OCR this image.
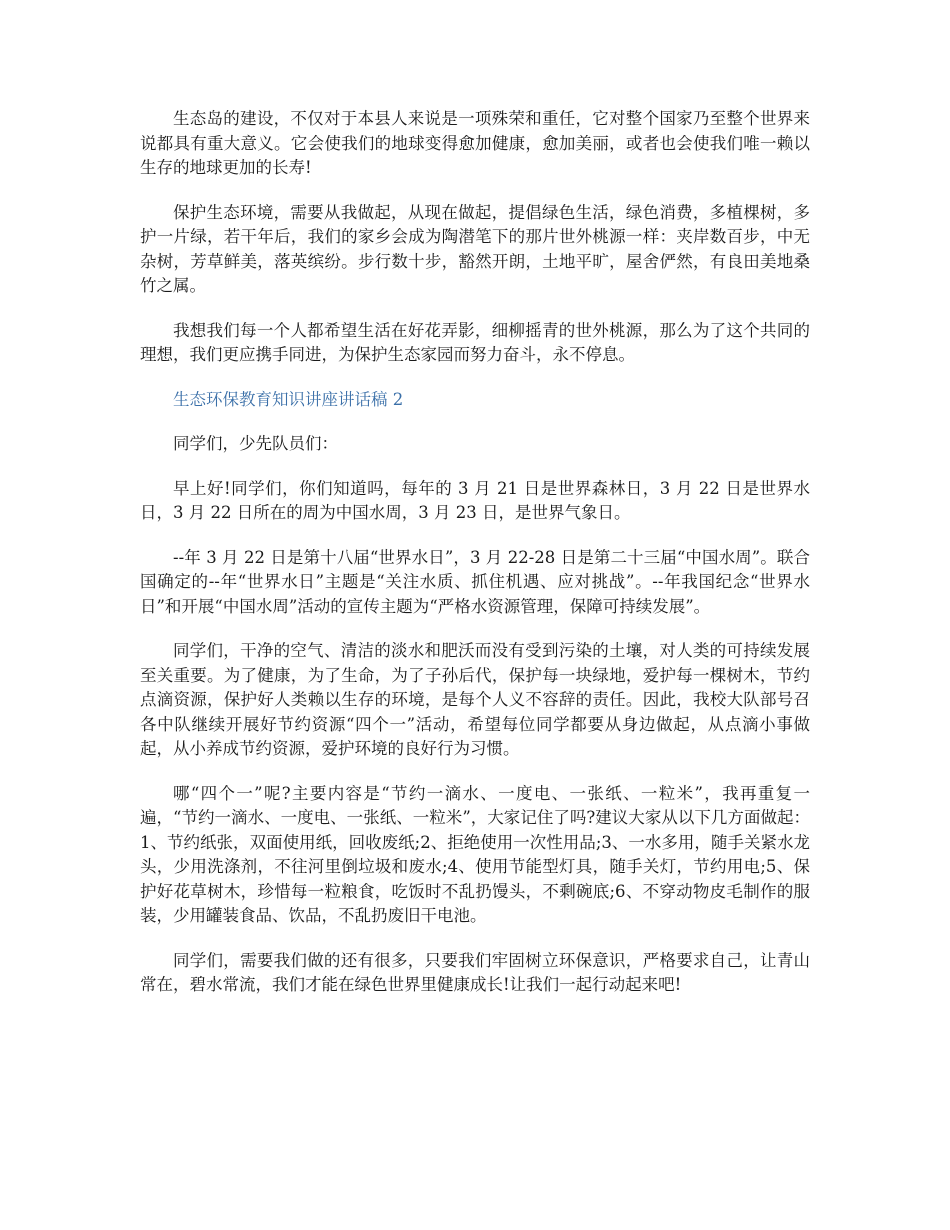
生态岛的建设，不仅对于本县人来说是一项殊荣和重任，它对整个国家乃至整个世界来说都具有重大意义。它会使我们的地球变得愈加健康，愈加美丽，或者也会使我们唯一赖以生存的地球更加的长寿!

保护生态环境，需要从我做起，从现在做起，提倡绿色生活，绿色消费，多植棵树，多护一片绿，若干年后，我们的家乡会成为陶潜笔下的那片世外桃源一样：夹岸数百步，中无杂树，芳草鲜美，落英缤纷。步行数十步，豁然开朗，土地平旷，屋舍俨然，有良田美地桑竹之属。

我想我们每一个人都希望生活在好花弄影，细柳摇青的世外桃源，那么为了这个共同的理想，我们更应携手同进，为保护生态家园而努力奋斗，永不停息。

生态环保教育知识讲座讲话稿 2

同学们，少先队员们：

早上好!同学们，你们知道吗，每年的 3 月 21 日是世界森林日，3 月 22 日是世界水日，3 月 22 日所在的周为中国水周，3 月 23 日，是世界气象日。

--年 3 月 22 日是第十八届“世界水日”，3 月 22-28 日是第二十三届“中国水周”。联合国确定的--年“世界水日”主题是“关注水质、抓住机遇、应对挑战”。--年我国纪念“世界水日”和开展“中国水周”活动的宣传主题为“严格水资源管理，保障可持续发展”。

同学们，干净的空气、清洁的淡水和肥沃而没有受到污染的土壤，对人类的可持续发展至关重要。为了健康，为了生命，为了子孙后代，保护每一块绿地，爱护每一棵树木，节约点滴资源，保护好人类赖以生存的环境，是每个人义不容辞的责任。因此，我校大队部号召各中队继续开展好节约资源“四个一”活动，希望每位同学都要从身边做起，从点滴小事做起，从小养成节约资源，爱护环境的良好行为习惯。

哪“四个一”呢?主要内容是“节约一滴水、一度电、一张纸、一粒米”，我再重复一遍，“节约一滴水、一度电、一张纸、一粒米”，大家记住了吗?建议大家从以下几方面做起：1、节约纸张，双面使用纸，回收废纸;2、拒绝使用一次性用品;3、一水多用，随手关紧水龙头，少用洗涤剂，不往河里倒垃圾和废水;4、使用节能型灯具，随手关灯，节约用电;5、保护好花草树木，珍惜每一粒粮食，吃饭时不乱扔馒头，不剩碗底;6、不穿动物皮毛制作的服装，少用罐装食品、饮品，不乱扔废旧干电池。

同学们，需要我们做的还有很多，只要我们牢固树立环保意识，严格要求自己，让青山常在，碧水常流，我们才能在绿色世界里健康成长!让我们一起行动起来吧!
